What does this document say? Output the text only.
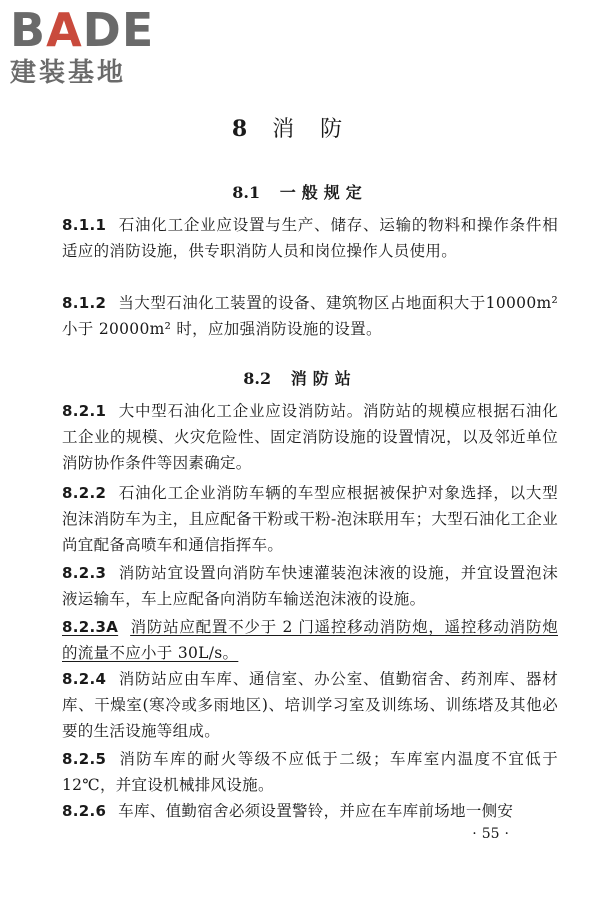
BADE
建装基地
8 消防
8.1 一般规定
8.1.1 石油化工企业应设置与生产、储存、运输的物料和操作条件相适应的消防设施，供专职消防人员和岗位操作人员使用。
8.1.2 当大型石油化工装置的设备、建筑物区占地面积大于10000m² 小于 20000m² 时，应加强消防设施的设置。
8.2 消防站
8.2.1 大中型石油化工企业应设消防站。消防站的规模应根据石油化工企业的规模、火灾危险性、固定消防设施的设置情况，以及邻近单位消防协作条件等因素确定。
8.2.2 石油化工企业消防车辆的车型应根据被保护对象选择，以大型泡沫消防车为主，且应配备干粉或干粉-泡沫联用车；大型石油化工企业尚宜配备高喷车和通信指挥车。
8.2.3 消防站宜设置向消防车快速灌装泡沫液的设施，并宜设置泡沫液运输车，车上应配备向消防车输送泡沫液的设施。
8.2.3A 消防站应配置不少于 2 门遥控移动消防炮，遥控移动消防炮的流量不应小于 30L/s。
8.2.4 消防站应由车库、通信室、办公室、值勤宿舍、药剂库、器材库、干燥室(寒冷或多雨地区)、培训学习室及训练场、训练塔及其他必要的生活设施等组成。
8.2.5 消防车库的耐火等级不应低于二级；车库室内温度不宜低于 12℃，并宜设机械排风设施。
8.2.6 车库、值勤宿舍必须设置警铃，并应在车库前场地一侧安
· 55 ·
